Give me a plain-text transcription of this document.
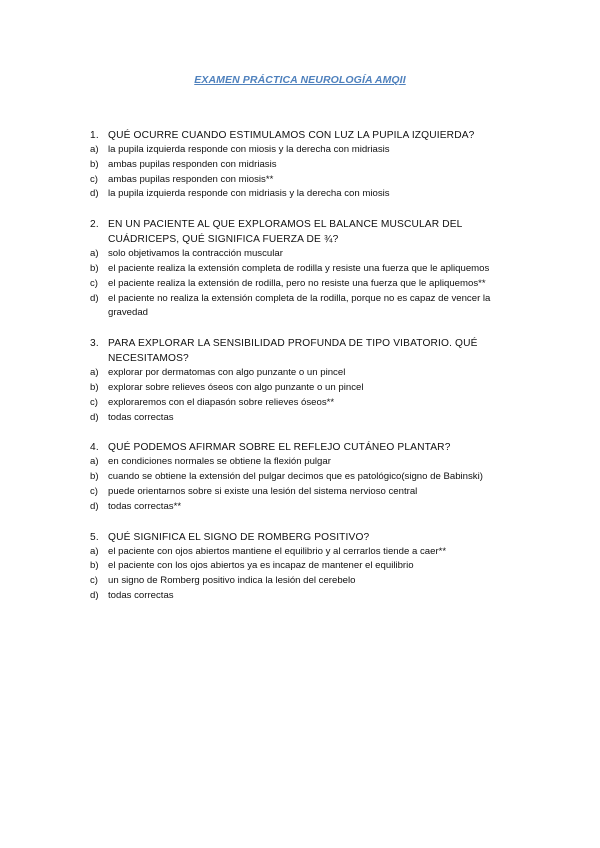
EXAMEN PRÁCTICA NEUROLOGÍA AMQII
1. QUÉ OCURRE CUANDO ESTIMULAMOS CON LUZ LA PUPILA IZQUIERDA?
a) la pupila izquierda responde con miosis y la derecha con midriasis
b) ambas pupilas responden con midriasis
c)	ambas pupilas responden con miosis**
d) la pupila izquierda responde con midriasis y la derecha con miosis
2. EN UN PACIENTE AL QUE EXPLORAMOS EL BALANCE MUSCULAR DEL CUÁDRICEPS, QUÉ SIGNIFICA FUERZA DE ¾?
a) solo objetivamos la contracción muscular
b) el paciente realiza la extensión completa de rodilla y resiste una fuerza que le apliquemos
c)	el paciente realiza la extensión de rodilla, pero no resiste una fuerza que le apliquemos**
d) el paciente no realiza la extensión completa de la rodilla, porque no es capaz de vencer la gravedad
3. PARA EXPLORAR LA SENSIBILIDAD PROFUNDA DE TIPO VIBATORIO. QUÉ NECESITAMOS?
a) explorar por dermatomas con algo punzante o un pincel
b) explorar sobre relieves óseos con algo punzante o un pincel
c)	exploraremos con el diapasón sobre relieves óseos**
d) todas correctas
4. QUÉ PODEMOS AFIRMAR SOBRE EL REFLEJO CUTÁNEO PLANTAR?
a) en condiciones normales se obtiene la flexión pulgar
b) cuando se obtiene la extensión del pulgar decimos que es patológico(signo de Babinski)
c)	puede orientarnos sobre si existe una lesión del sistema nervioso central
d) todas correctas**
5. QUÉ SIGNIFICA EL SIGNO DE ROMBERG POSITIVO?
a) el paciente con ojos abiertos mantiene el equilibrio y al cerrarlos tiende a caer**
b) el paciente con los ojos abiertos ya es incapaz de mantener el equilibrio
c)	un signo de Romberg positivo indica la lesión del cerebelo
d) todas correctas
